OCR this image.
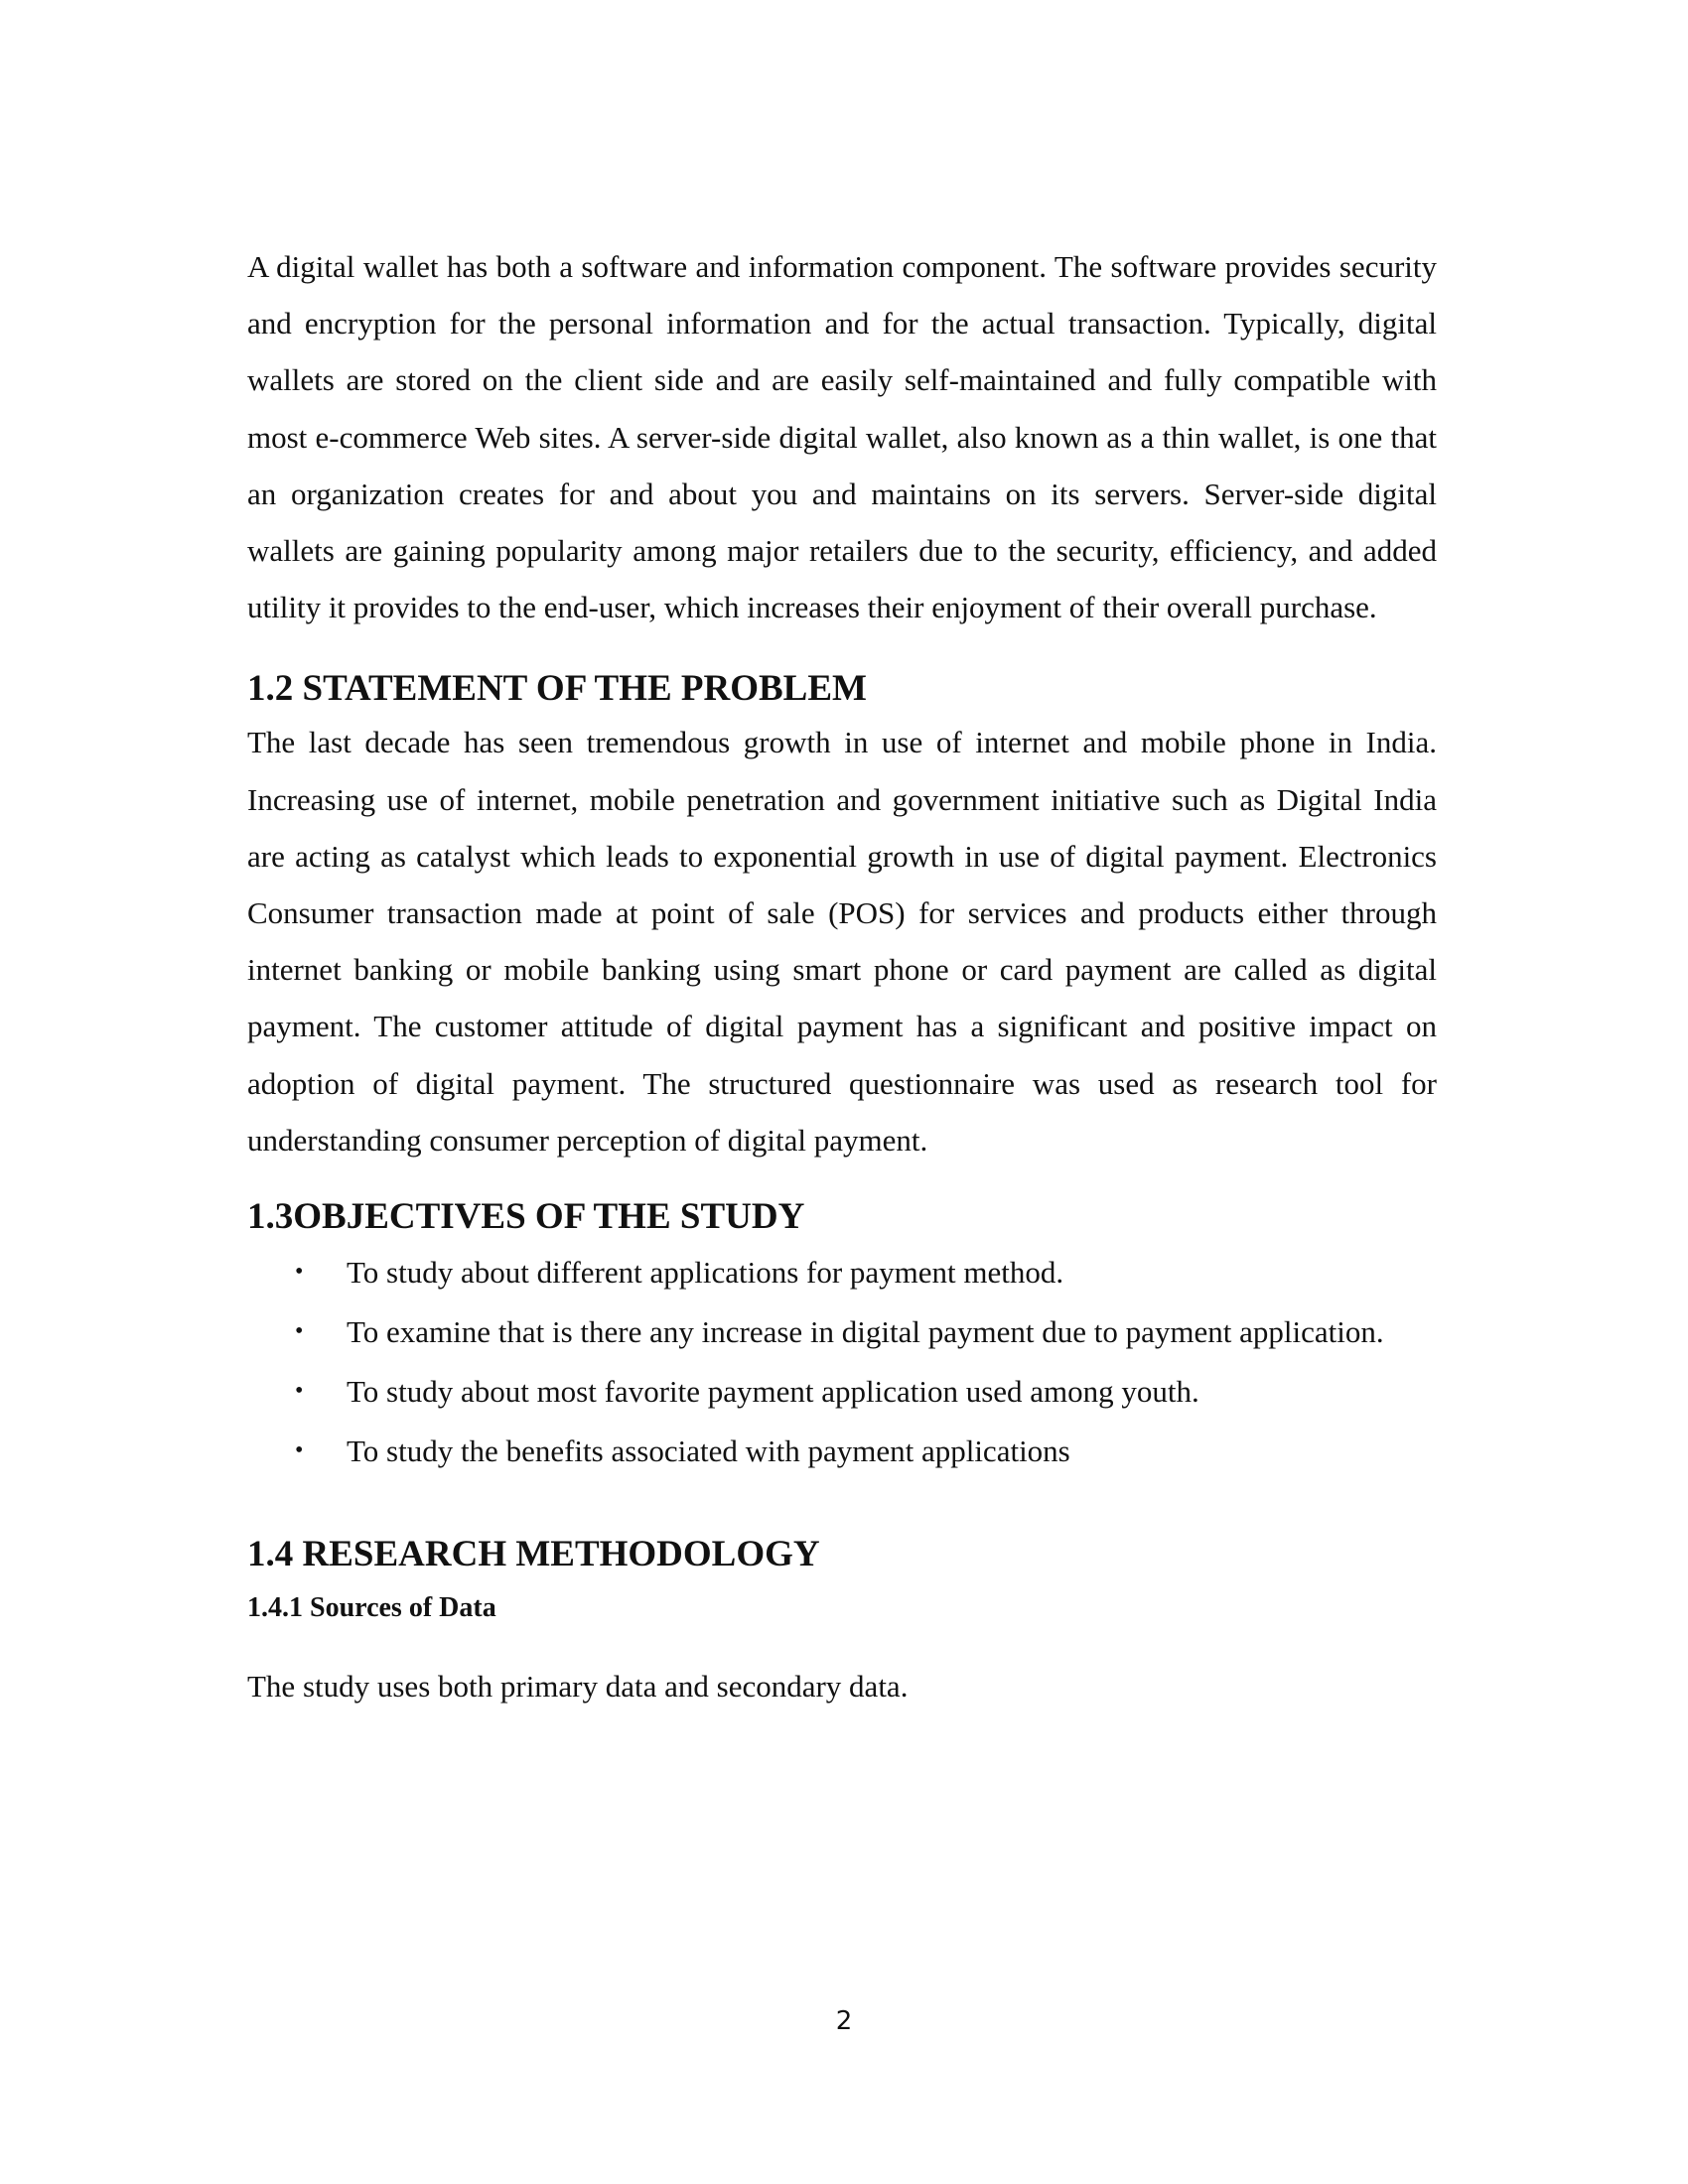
A digital wallet has both a software and information component. The software provides security and encryption for the personal information and for the actual transaction. Typically, digital wallets are stored on the client side and are easily self-maintained and fully compatible with most e-commerce Web sites. A server-side digital wallet, also known as a thin wallet, is one that an organization creates for and about you and maintains on its servers. Server-side digital wallets are gaining popularity among major retailers due to the security, efficiency, and added utility it provides to the end-user, which increases their enjoyment of their overall purchase.

1.2 STATEMENT OF THE PROBLEM

The last decade has seen tremendous growth in use of internet and mobile phone in India. Increasing use of internet, mobile penetration and government initiative such as Digital India are acting as catalyst which leads to exponential growth in use of digital payment. Electronics Consumer transaction made at point of sale (POS) for services and products either through internet banking or mobile banking using smart phone or card payment are called as digital payment. The customer attitude of digital payment has a significant and positive impact on adoption of digital payment. The structured questionnaire was used as research tool for understanding consumer perception of digital payment.

1.3OBJECTIVES OF THE STUDY
• To study about different applications for payment method.
• To examine that is there any increase in digital payment due to payment application.
• To study about most favorite payment application used among youth.
• To study the benefits associated with payment applications
1.4 RESEARCH METHODOLOGY
1.4.1 Sources of Data

The study uses both primary data and secondary data.

2
